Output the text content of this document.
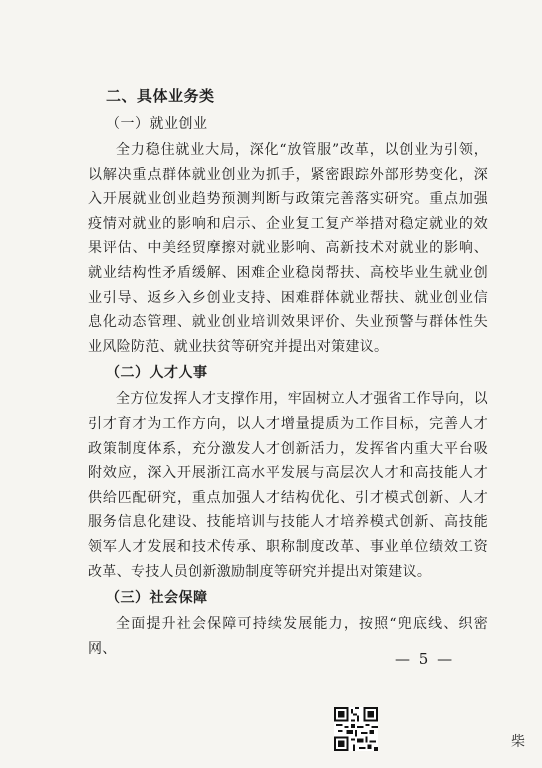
二、具体业务类
（一）就业创业

全力稳住就业大局，深化“放管服”改革，以创业为引领，以解决重点群体就业创业为抓手，紧密跟踪外部形势变化，深入开展就业创业趋势预测判断与政策完善落实研究。重点加强疫情对就业的影响和启示、企业复工复产举措对稳定就业的效果评估、中美经贸摩擦对就业影响、高新技术对就业的影响、就业结构性矛盾缓解、困难企业稳岗帮扶、高校毕业生就业创业引导、返乡入乡创业支持、困难群体就业帮扶、就业创业信息化动态管理、就业创业培训效果评价、失业预警与群体性失业风险防范、就业扶贫等研究并提出对策建议。

（二）人才人事

全方位发挥人才支撑作用，牢固树立人才强省工作导向，以引才育才为工作方向，以人才增量提质为工作目标，完善人才政策制度体系，充分激发人才创新活力，发挥省内重大平台吸附效应，深入开展浙江高水平发展与高层次人才和高技能人才供给匹配研究，重点加强人才结构优化、引才模式创新、人才服务信息化建设、技能培训与技能人才培养模式创新、高技能领军人才发展和技术传承、职称制度改革、事业单位绩效工资改革、专技人员创新激励制度等研究并提出对策建议。

（三）社会保障

全面提升社会保障可持续发展能力，按照“兜底线、织密网、

— 5 —
柴
